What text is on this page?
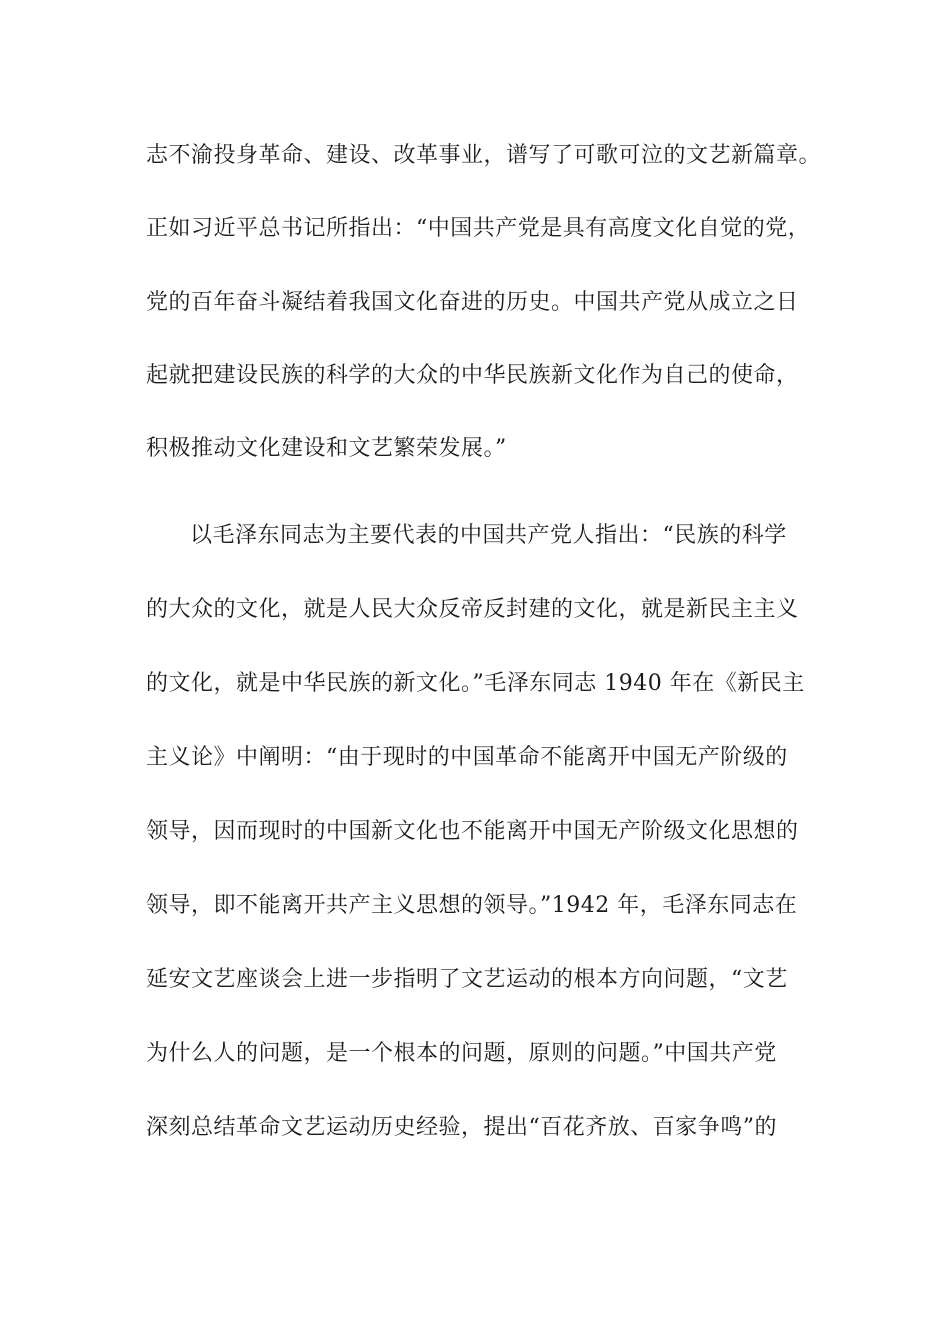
志不渝投身革命、建设、改革事业，谱写了可歌可泣的文艺新篇章。
正如习近平总书记所指出：“中国共产党是具有高度文化自觉的党，
党的百年奋斗凝结着我国文化奋进的历史。中国共产党从成立之日
起就把建设民族的科学的大众的中华民族新文化作为自己的使命，
积极推动文化建设和文艺繁荣发展。”
以毛泽东同志为主要代表的中国共产党人指出：“民族的科学
的大众的文化，就是人民大众反帝反封建的文化，就是新民主主义
的文化，就是中华民族的新文化。”毛泽东同志 1940 年在《新民主
主义论》中阐明：“由于现时的中国革命不能离开中国无产阶级的
领导，因而现时的中国新文化也不能离开中国无产阶级文化思想的
领导，即不能离开共产主义思想的领导。”1942 年，毛泽东同志在
延安文艺座谈会上进一步指明了文艺运动的根本方向问题，“文艺
为什么人的问题，是一个根本的问题，原则的问题。”中国共产党
深刻总结革命文艺运动历史经验，提出“百花齐放、百家争鸣”的
